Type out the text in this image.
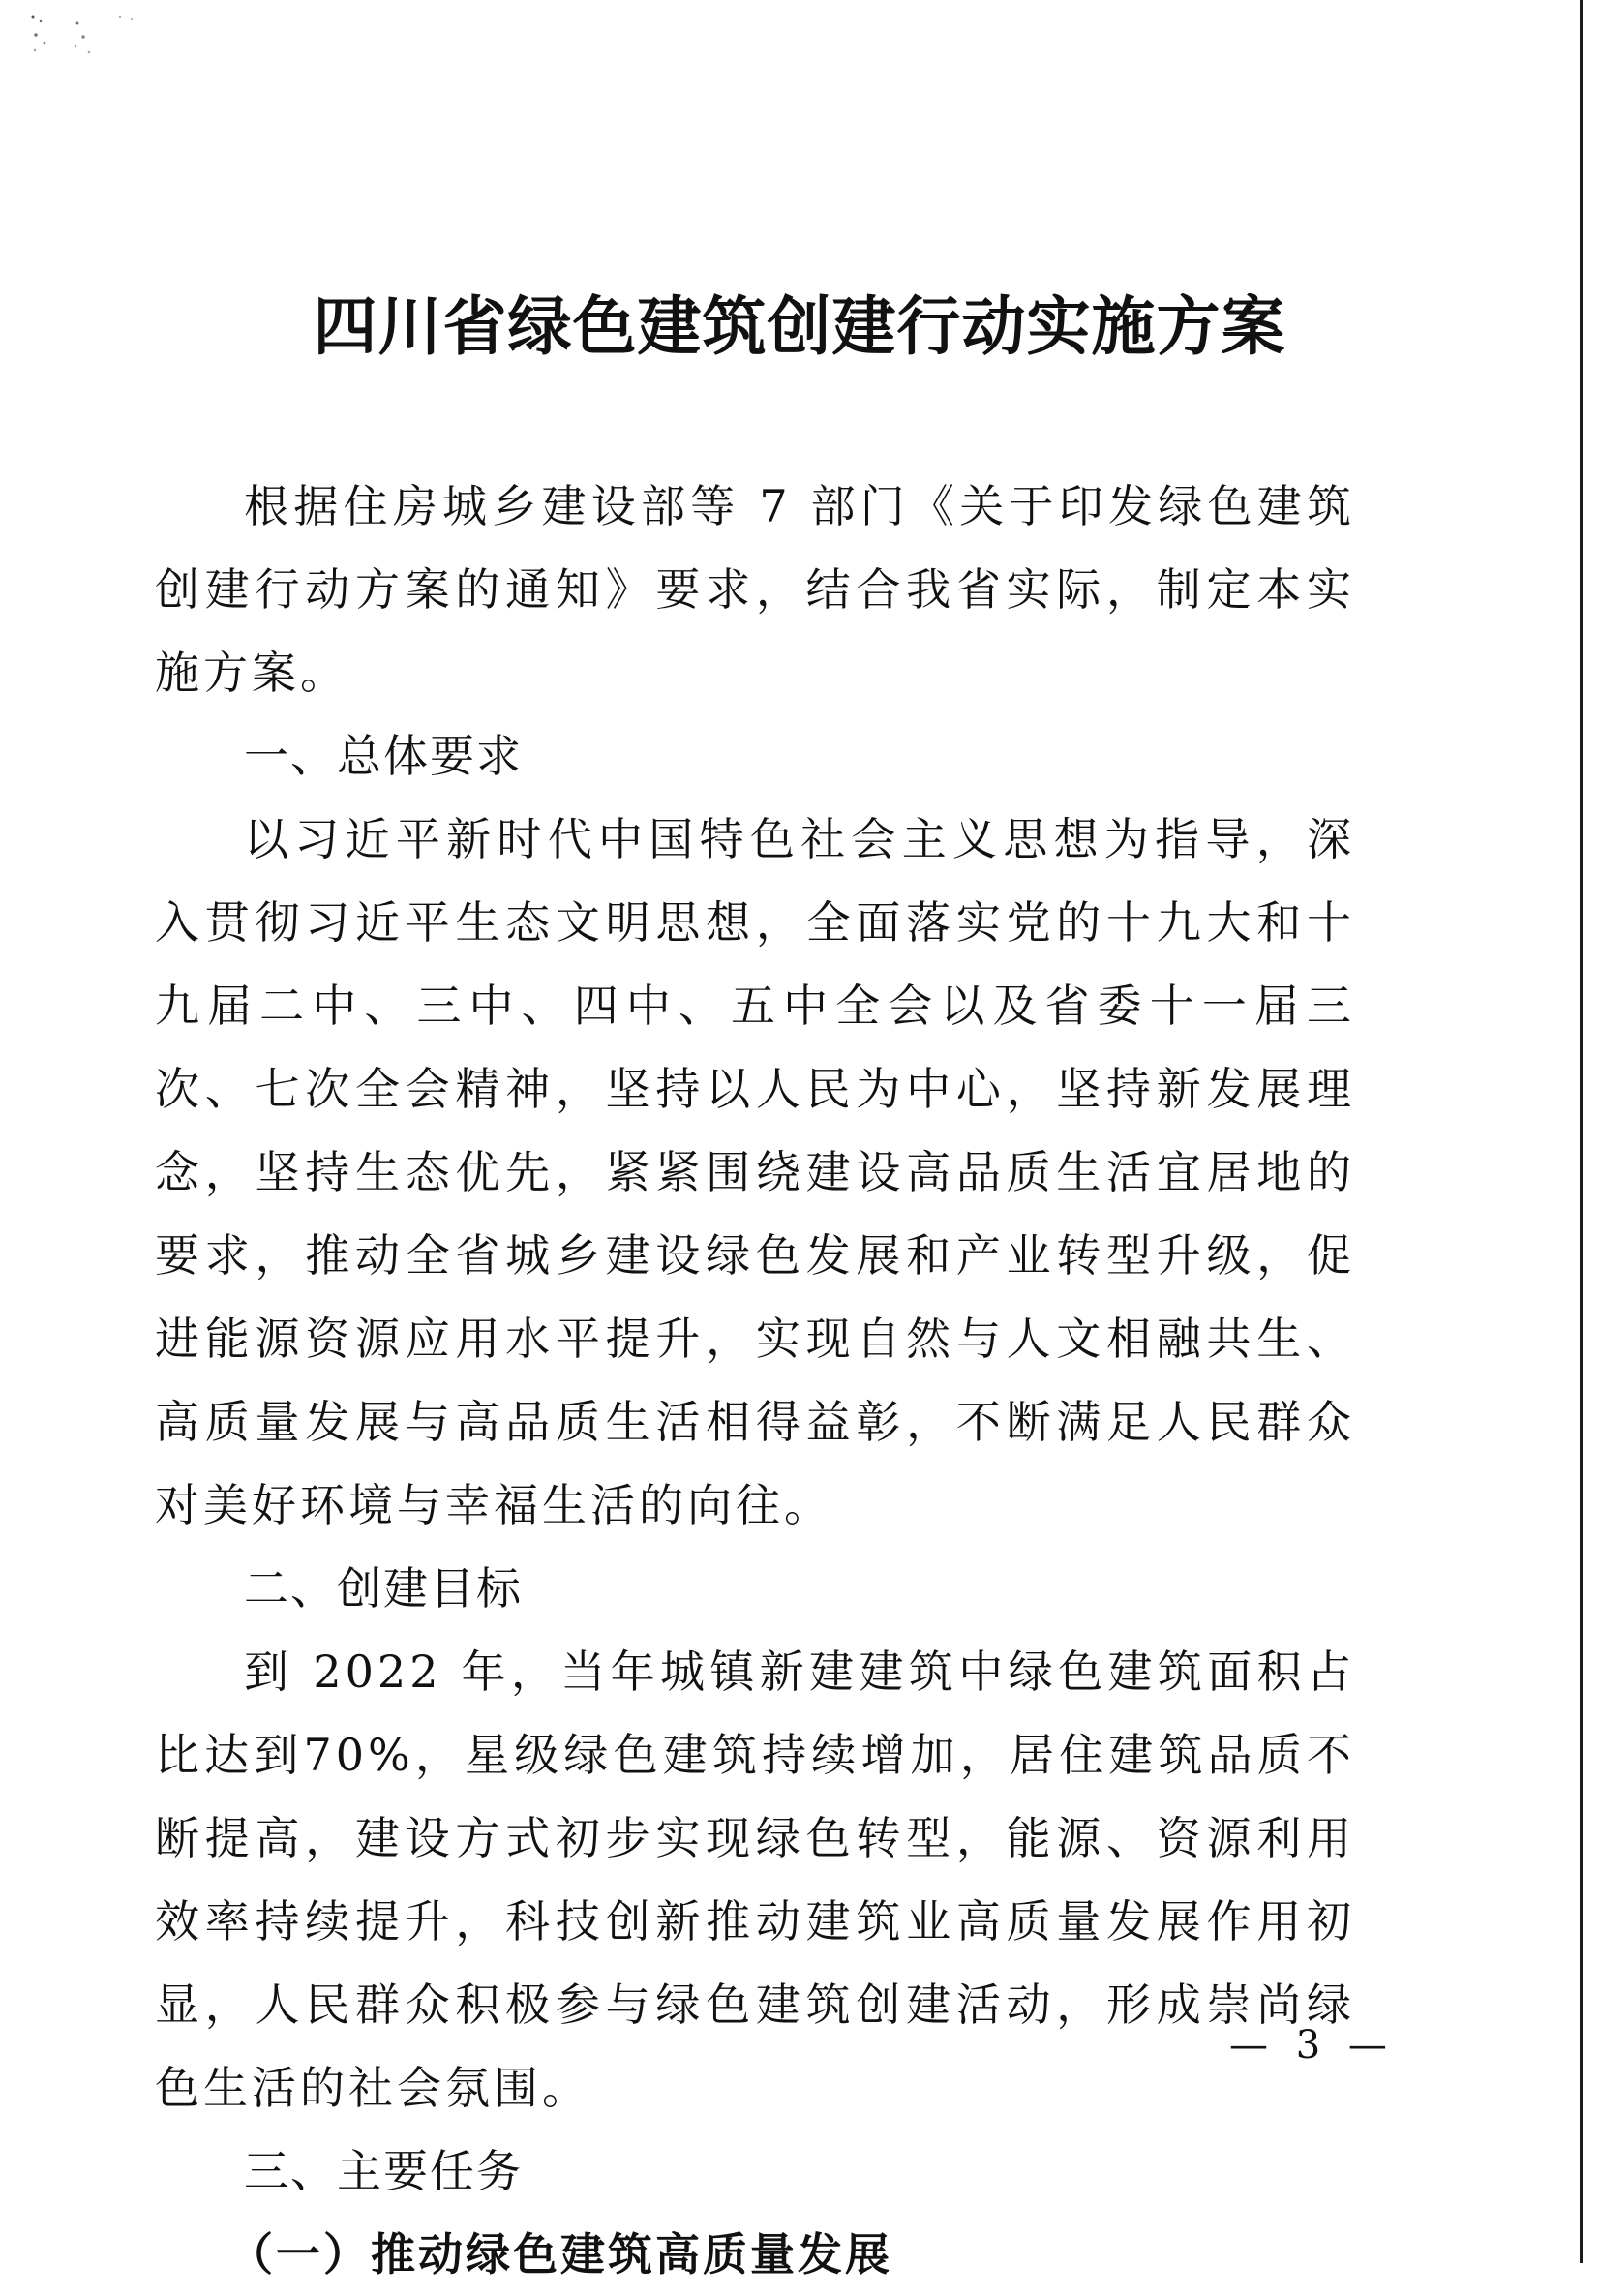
四川省绿色建筑创建行动实施方案

根据住房城乡建设部等 7 部门《关于印发绿色建筑创建行动方案的通知》要求，结合我省实际，制定本实施方案。

一、总体要求

以习近平新时代中国特色社会主义思想为指导，深入贯彻习近平生态文明思想，全面落实党的十九大和十九届二中、三中、四中、五中全会以及省委十一届三次、七次全会精神，坚持以人民为中心，坚持新发展理念，坚持生态优先，紧紧围绕建设高品质生活宜居地的要求，推动全省城乡建设绿色发展和产业转型升级，促进能源资源应用水平提升，实现自然与人文相融共生、高质量发展与高品质生活相得益彰，不断满足人民群众对美好环境与幸福生活的向往。

二、创建目标

到 2022 年，当年城镇新建建筑中绿色建筑面积占比达到70%，星级绿色建筑持续增加，居住建筑品质不断提高，建设方式初步实现绿色转型，能源、资源利用效率持续提升，科技创新推动建筑业高质量发展作用初显，人民群众积极参与绿色建筑创建活动，形成崇尚绿色生活的社会氛围。

三、主要任务

（一）推动绿色建筑高质量发展

— 3 —
